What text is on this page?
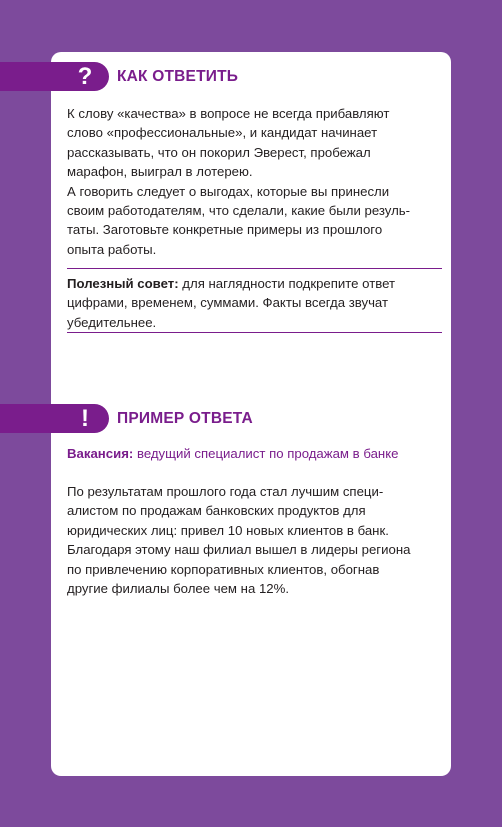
? КАК ОТВЕТИТЬ
К слову «качества» в вопросе не всегда прибавляют
слово «профессиональные», и кандидат начинает
рассказывать, что он покорил Эверест, пробежал
марафон, выиграл в лотерею.
А говорить следует о выгодах, которые вы принесли
своим работодателям, что сделали, какие были резуль-
таты. Заготовьте конкретные примеры из прошлого
опыта работы.
Полезный совет: для наглядности подкрепите ответ
цифрами, временем, суммами. Факты всегда звучат
убедительнее.
!	ПРИМЕР ОТВЕТА
Вакансия: ведущий специалист по продажам в банке
По результатам прошлого года стал лучшим специ-
алистом по продажам банковских продуктов для
юридических лиц: привел 10 новых клиентов в банк.
Благодаря этому наш филиал вышел в лидеры региона
по привлечению корпоративных клиентов, обогнав
другие филиалы более чем на 12%.
